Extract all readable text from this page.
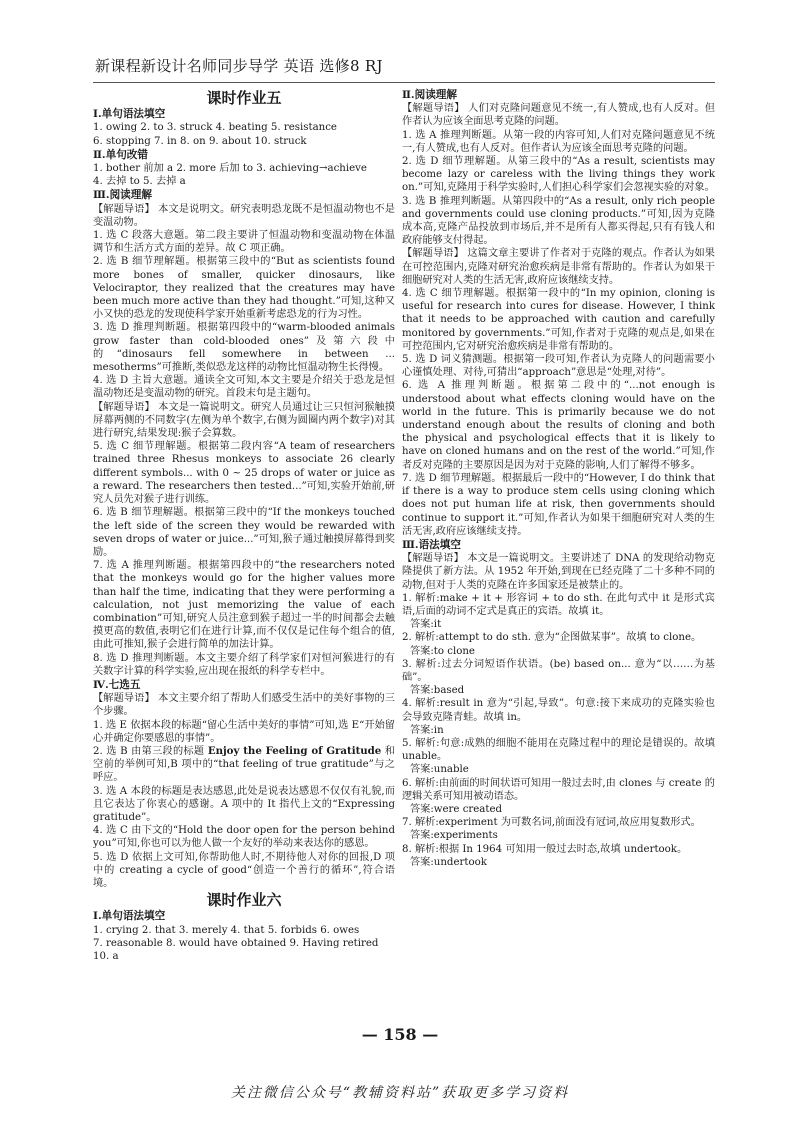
新课程新设计名师同步导学 英语 选修8 RJ
课时作业五
Ⅰ.单句语法填空
1. owing 2. to 3. struck 4. beating 5. resistance
6. stopping 7. in 8. on 9. about 10. struck
Ⅱ.单句改错
1. bother 前加 a 2. more 后加 to 3. achieving→achieve
4. 去掉 to 5. 去掉 a
Ⅲ.阅读理解
【解题导语】 本文是说明文。研究表明恐龙既不是恒温动物也不是变温动物。
1. 选 C 段落大意题。第二段主要讲了恒温动物和变温动物在体温调节和生活方式方面的差异。故 C 项正确。
2. 选 B 细节理解题。根据第三段中的“But as scientists found more bones of smaller, quicker dinosaurs, like Velociraptor, they realized that the creatures may have been much more active than they had thought.”可知,这种又小又快的恐龙的发现使科学家开始重新考虑恐龙的行为习性。
3. 选 D 推理判断题。根据第四段中的“warm-blooded animals grow faster than cold-blooded ones”及第六段中的“dinosaurs fell somewhere in between ... mesotherms”可推断,类似恐龙这样的动物比恒温动物生长得慢。
4. 选 D 主旨大意题。通读全文可知,本文主要是介绍关于恐龙是恒温动物还是变温动物的研究。首段末句是主题句。
【解题导语】 本文是一篇说明文。研究人员通过让三只恒河猴触摸屏幕两侧的不同数字(左侧为单个数字,右侧为圆圈内两个数字)对其进行研究,结果发现:猴子会算数。
5. 选 C 细节理解题。根据第二段内容“A team of researchers trained three Rhesus monkeys to associate 26 clearly different symbols... with 0 ~ 25 drops of water or juice as a reward. The researchers then tested...”可知,实验开始前,研究人员先对猴子进行训练。
6. 选 B 细节理解题。根据第三段中的“If the monkeys touched the left side of the screen they would be rewarded with seven drops of water or juice...”可知,猴子通过触摸屏幕得到奖励。
7. 选 A 推理判断题。根据第四段中的“the researchers noted that the monkeys would go for the higher values more than half the time, indicating that they were performing a calculation, not just memorizing the value of each combination”可知,研究人员注意到猴子超过一半的时间都会去触摸更高的数值,表明它们在进行计算,而不仅仅是记住每个组合的值,由此可推知,猴子会进行简单的加法计算。
8. 选 D 推理判断题。本文主要介绍了科学家们对恒河猴进行的有关数字计算的科学实验,应出现在报纸的科学专栏中。
Ⅳ.七选五
【解题导语】 本文主要介绍了帮助人们感受生活中的美好事物的三个步骤。
1. 选 E 依据本段的标题“留心生活中美好的事情”可知,选 E“开始留心并确定你要感恩的事情”。
2. 选 B 由第三段的标题 Enjoy the Feeling of Gratitude 和空前的举例可知,B 项中的“that feeling of true gratitude”与之呼应。
3. 选 A 本段的标题是表达感恩,此处是说表达感恩不仅仅有礼貌,而且它表达了你衷心的感谢。A 项中的 It 指代上文的“Expressing gratitude”。
4. 选 C 由下文的“Hold the door open for the person behind you”可知,你也可以为他人做一个友好的举动来表达你的感恩。
5. 选 D 依据上文可知,你帮助他人时,不期待他人对你的回报,D 项中的 creating a cycle of good“创造一个善行的循环”,符合语境。
课时作业六
Ⅰ.单句语法填空
1. crying 2. that 3. merely 4. that 5. forbids 6. owes
7. reasonable 8. would have obtained 9. Having retired
10. a
Ⅱ.阅读理解
【解题导语】 人们对克隆问题意见不统一,有人赞成,也有人反对。但作者认为应该全面思考克隆的问题。
1. 选 A 推理判断题。从第一段的内容可知,人们对克隆问题意见不统一,有人赞成,也有人反对。但作者认为应该全面思考克隆的问题。
2. 选 D 细节理解题。从第三段中的“As a result, scientists may become lazy or careless with the living things they work on.”可知,克隆用于科学实验时,人们担心科学家们会忽视实验的对象。
3. 选 B 推理判断题。从第四段中的“As a result, only rich people and governments could use cloning products.”可知,因为克隆成本高,克隆产品投放到市场后,并不是所有人都买得起,只有有钱人和政府能够支付得起。
【解题导语】 这篇文章主要讲了作者对于克隆的观点。作者认为如果在可控范围内,克隆对研究治愈疾病是非常有帮助的。作者认为如果干细胞研究对人类的生活无害,政府应该继续支持。
4. 选 C 细节理解题。根据第一段中的“In my opinion, cloning is useful for research into cures for disease. However, I think that it needs to be approached with caution and carefully monitored by governments.”可知,作者对于克隆的观点是,如果在可控范围内,它对研究治愈疾病是非常有帮助的。
5. 选 D 词义猜测题。根据第一段可知,作者认为克隆人的问题需要小心谨慎处理、对待,可猜出“approach”意思是“处理,对待”。
6. 选 A 推理判断题。根据第二段中的“...not enough is understood about what effects cloning would have on the world in the future. This is primarily because we do not understand enough about the results of cloning and both the physical and psychological effects that it is likely to have on cloned humans and on the rest of the world.”可知,作者反对克隆的主要原因是因为对于克隆的影响,人们了解得不够多。
7. 选 D 细节理解题。根据最后一段中的“However, I do think that if there is a way to produce stem cells using cloning which does not put human life at risk, then governments should continue to support it.”可知,作者认为如果干细胞研究对人类的生活无害,政府应该继续支持。
Ⅲ.语法填空
【解题导语】 本文是一篇说明文。主要讲述了 DNA 的发现给动物克隆提供了新方法。从 1952 年开始,到现在已经克隆了二十多种不同的动物,但对于人类的克隆在许多国家还是被禁止的。
1. 解析:make + it + 形容词 + to do sth. 在此句式中 it 是形式宾语,后面的动词不定式是真正的宾语。故填 it。
答案:it
2. 解析:attempt to do sth. 意为“企图做某事”。故填 to clone。
答案:to clone
3. 解析:过去分词短语作状语。(be) based on... 意为“以……为基础”。
答案:based
4. 解析:result in 意为“引起,导致”。句意:接下来成功的克隆实验也会导致克隆青蛙。故填 in。
答案:in
5. 解析:句意:成熟的细胞不能用在克隆过程中的理论是错误的。故填 unable。
答案:unable
6. 解析:由前面的时间状语可知用一般过去时,由 clones 与 create 的逻辑关系可知用被动语态。
答案:were created
7. 解析:experiment 为可数名词,前面没有冠词,故应用复数形式。
答案:experiments
8. 解析:根据 In 1964 可知用一般过去时态,故填 undertook。
答案:undertook
— 158 —
关注微信公众号“教辅资料站”获取更多学习资料
